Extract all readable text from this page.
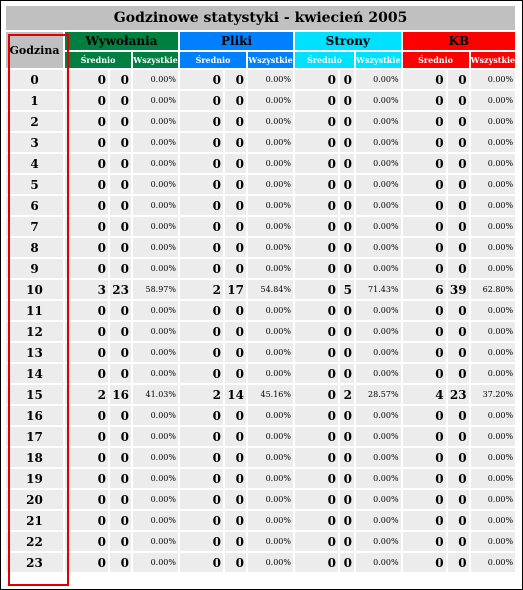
Godzinowe statystyki - kwiecień 2005												
Godzina	Wywołania			Pliki			Strony			KB		
	Średnio		Wszystkie	Średnio		Wszystkie	Średnio		Wszystkie	Średnio		Wszystkie
0	0	0	0.00%	0	0	0.00%	0	0	0.00%	0	0	0.00%
1	0	0	0.00%	0	0	0.00%	0	0	0.00%	0	0	0.00%
2	0	0	0.00%	0	0	0.00%	0	0	0.00%	0	0	0.00%
3	0	0	0.00%	0	0	0.00%	0	0	0.00%	0	0	0.00%
4	0	0	0.00%	0	0	0.00%	0	0	0.00%	0	0	0.00%
5	0	0	0.00%	0	0	0.00%	0	0	0.00%	0	0	0.00%
6	0	0	0.00%	0	0	0.00%	0	0	0.00%	0	0	0.00%
7	0	0	0.00%	0	0	0.00%	0	0	0.00%	0	0	0.00%
8	0	0	0.00%	0	0	0.00%	0	0	0.00%	0	0	0.00%
9	0	0	0.00%	0	0	0.00%	0	0	0.00%	0	0	0.00%
10	3	23	58.97%	2	17	54.84%	0	5	71.43%	6	39	62.80%
11	0	0	0.00%	0	0	0.00%	0	0	0.00%	0	0	0.00%
12	0	0	0.00%	0	0	0.00%	0	0	0.00%	0	0	0.00%
13	0	0	0.00%	0	0	0.00%	0	0	0.00%	0	0	0.00%
14	0	0	0.00%	0	0	0.00%	0	0	0.00%	0	0	0.00%
15	2	16	41.03%	2	14	45.16%	0	2	28.57%	4	23	37.20%
16	0	0	0.00%	0	0	0.00%	0	0	0.00%	0	0	0.00%
17	0	0	0.00%	0	0	0.00%	0	0	0.00%	0	0	0.00%
18	0	0	0.00%	0	0	0.00%	0	0	0.00%	0	0	0.00%
19	0	0	0.00%	0	0	0.00%	0	0	0.00%	0	0	0.00%
20	0	0	0.00%	0	0	0.00%	0	0	0.00%	0	0	0.00%
21	0	0	0.00%	0	0	0.00%	0	0	0.00%	0	0	0.00%
22	0	0	0.00%	0	0	0.00%	0	0	0.00%	0	0	0.00%
23	0	0	0.00%	0	0	0.00%	0	0	0.00%	0	0	0.00%
